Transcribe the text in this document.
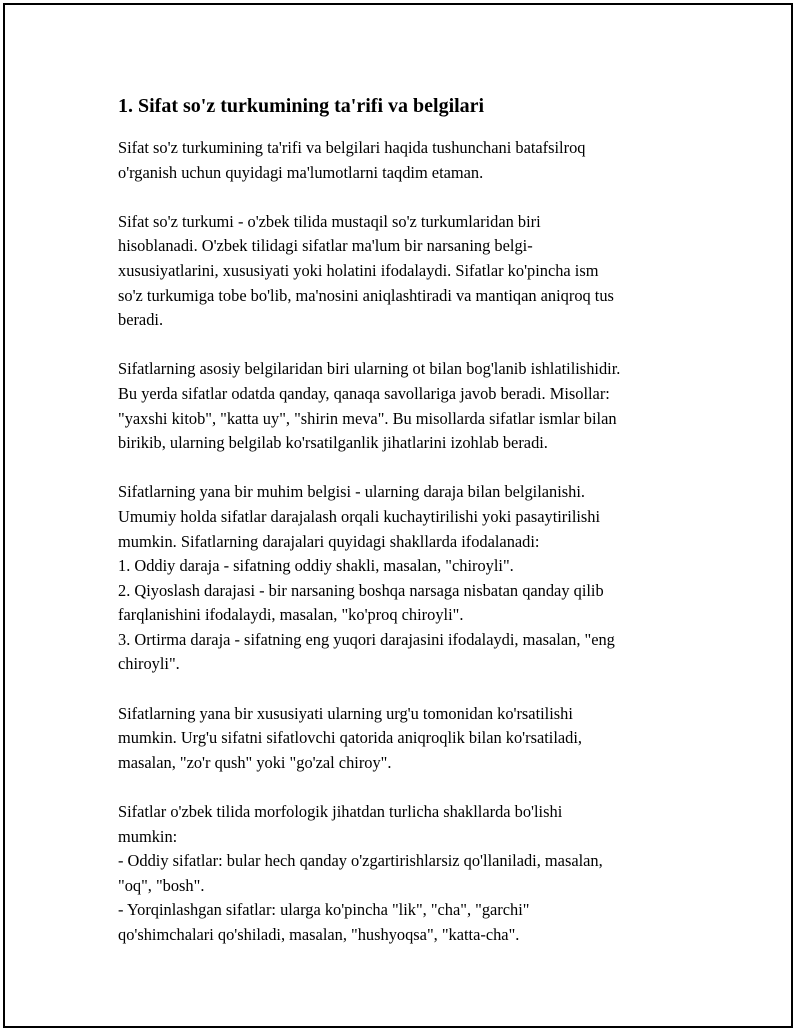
1. Sifat so'z turkumining ta'rifi va belgilari
Sifat so'z turkumining ta'rifi va belgilari haqida tushunchani batafsilroq
o'rganish uchun quyidagi ma'lumotlarni taqdim etaman.
Sifat so'z turkumi - o'zbek tilida mustaqil so'z turkumlaridan biri
hisoblanadi. O'zbek tilidagi sifatlar ma'lum bir narsaning belgi-
xususiyatlarini, xususiyati yoki holatini ifodalaydi. Sifatlar ko'pincha ism
so'z turkumiga tobe bo'lib, ma'nosini aniqlashtiradi va mantiqan aniqroq tus
beradi.
Sifatlarning asosiy belgilaridan biri ularning ot bilan bog'lanib ishlatilishidir.
Bu yerda sifatlar odatda qanday, qanaqa savollariga javob beradi. Misollar:
"yaxshi kitob", "katta uy", "shirin meva". Bu misollarda sifatlar ismlar bilan
birikib, ularning belgilab ko'rsatilganlik jihatlarini izohlab beradi.
Sifatlarning yana bir muhim belgisi - ularning daraja bilan belgilanishi.
Umumiy holda sifatlar darajalash orqali kuchaytirilishi yoki pasaytirilishi
mumkin. Sifatlarning darajalari quyidagi shakllarda ifodalanadi:
1. Oddiy daraja - sifatning oddiy shakli, masalan, "chiroyli".
2. Qiyoslash darajasi - bir narsaning boshqa narsaga nisbatan qanday qilib
farqlanishini ifodalaydi, masalan, "ko'proq chiroyli".
3. Ortirma daraja - sifatning eng yuqori darajasini ifodalaydi, masalan, "eng
chiroyli".
Sifatlarning yana bir xususiyati ularning urg'u tomonidan ko'rsatilishi
mumkin. Urg'u sifatni sifatlovchi qatorida aniqroqlik bilan ko'rsatiladi,
masalan, "zo'r qush" yoki "go'zal chiroy".
Sifatlar o'zbek tilida morfologik jihatdan turlicha shakllarda bo'lishi
mumkin:
- Oddiy sifatlar: bular hech qanday o'zgartirishlarsiz qo'llaniladi, masalan,
"oq", "bosh".
- Yorqinlashgan sifatlar: ularga ko'pincha "lik", "cha", "garchi"
qo'shimchalari qo'shiladi, masalan, "hushyoqsa", "katta-cha".
